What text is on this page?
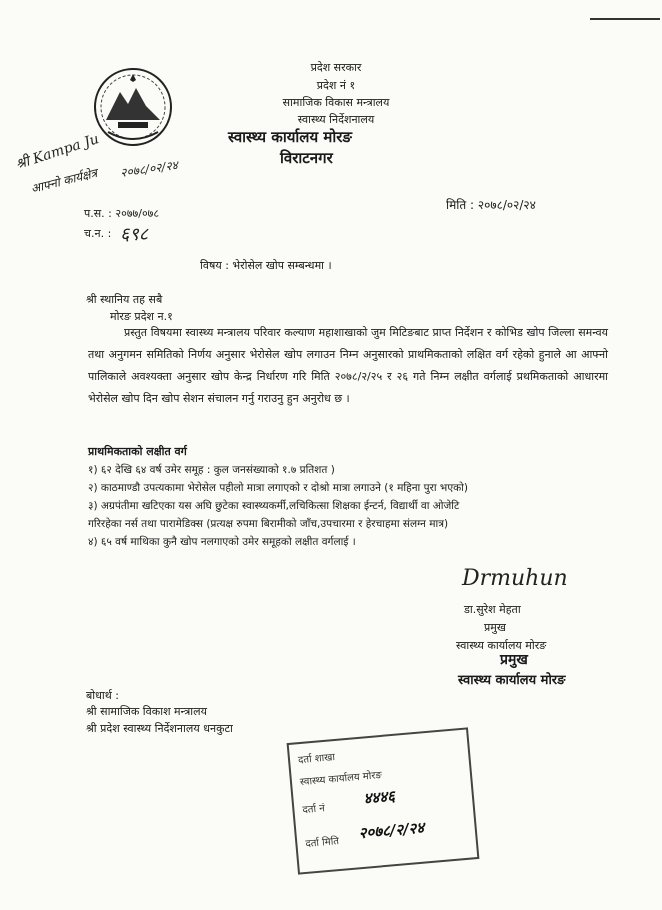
प्रदेश सरकार
प्रदेश नं १
सामाजिक विकास मन्त्रालय
स्वास्थ्य निर्देशनालय
स्वास्थ्य कार्यालय मोरङ
विराटनगर
श्री Kampa Ju
आफ्नो कार्यक्षेत्र २०७८/०२/२४
मिति : २०७८/०२/२४
प.स. : २०७७/०७८
च.न. : ६९८
विषय : भेरोसेल खोप सम्बन्धमा ।
श्री स्थानिय तह सबै
मोरङ प्रदेश न.१
प्रस्तुत विषयमा स्वास्थ्य मन्त्रालय परिवार कल्याण महाशाखाको जुम मिटिङबाट प्राप्त निर्देशन र कोभिड खोप जिल्ला समन्वय तथा अनुगमन समितिको निर्णय अनुसार भेरोसेल खोप लगाउन निम्न अनुसारको प्राथमिकताको लक्षित वर्ग रहेको हुनाले आ आफ्नो पालिकाले अवश्यक्ता अनुसार खोप केन्द्र निर्धारण गरि मिति २०७८/२/२५ र २६ गते निम्न लक्षीत वर्गलाई प्रथमिकताको आधारमा भेरोसेल खोप दिन खोप सेशन संचालन गर्नु गराउनु हुन अनुरोध छ ।
प्राथमिकताको लक्षीत वर्ग
१) ६२ देखि ६४ वर्ष उमेर समूह : कुल जनसंख्याको १.७ प्रतिशत )
२) काठमाण्डौ उपत्यकामा भेरोसेल पहीलो मात्रा लगाएको र दोश्रो मात्रा लगाउने (१ महिना पुरा भएको)
३) अग्रपंतीमा खटिएका यस अघि छुटेका स्वास्थ्यकर्मी,लचिकित्सा शिक्षका ईन्टर्न, विद्यार्थी वा ओजेटि
गरिरहेका नर्स तथा पारामेडिक्स (प्रत्यक्ष रुपमा बिरामीको जाँच,उपचारमा र हेरचाहमा संलग्न मात्र)
४) ६५ वर्ष माथिका कुनै खोप नलगाएको उमेर समूहको लक्षीत वर्गलाई ।
Drmuhun
डा.सुरेश मेहता
प्रमुख
स्वास्थ्य कार्यालय मोरङ
प्रमुख
स्वास्थ्य कार्यालय मोरङ
बोधार्थ :
श्री सामाजिक विकाश मन्त्रालय
श्री प्रदेश स्वास्थ्य निर्देशनालय धनकुटा
दर्ता शाखा
स्वास्थ्य कार्यालय मोरङ
दर्ता नं
४४४६
दर्ता मिति
२०७८/२/२४
